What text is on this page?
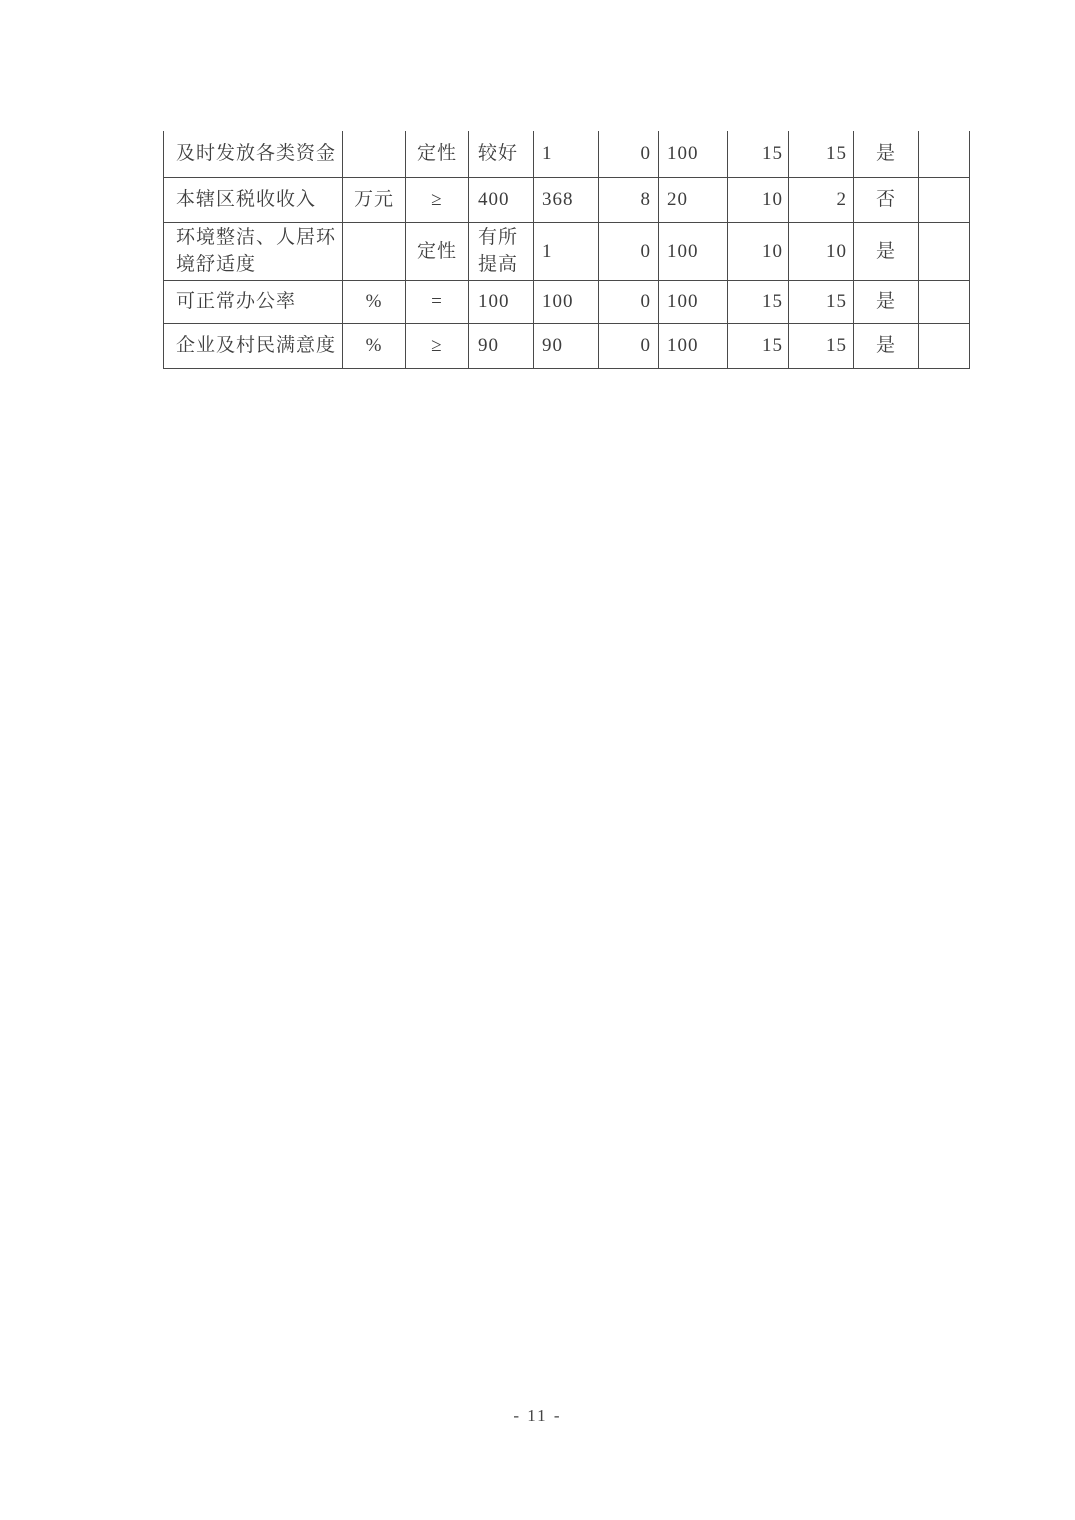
及时发放各类资金		定性	较好	1	0	100	15	15	是	
本辖区税收收入	万元	≥	400	368	8	20	10	2	否	
环境整洁、人居环境舒适度		定性	有所提高	1	0	100	10	10	是	
可正常办公率	%	=	100	100	0	100	15	15	是	
企业及村民满意度	%	≥	90	90	0	100	15	15	是	
- 11 -
